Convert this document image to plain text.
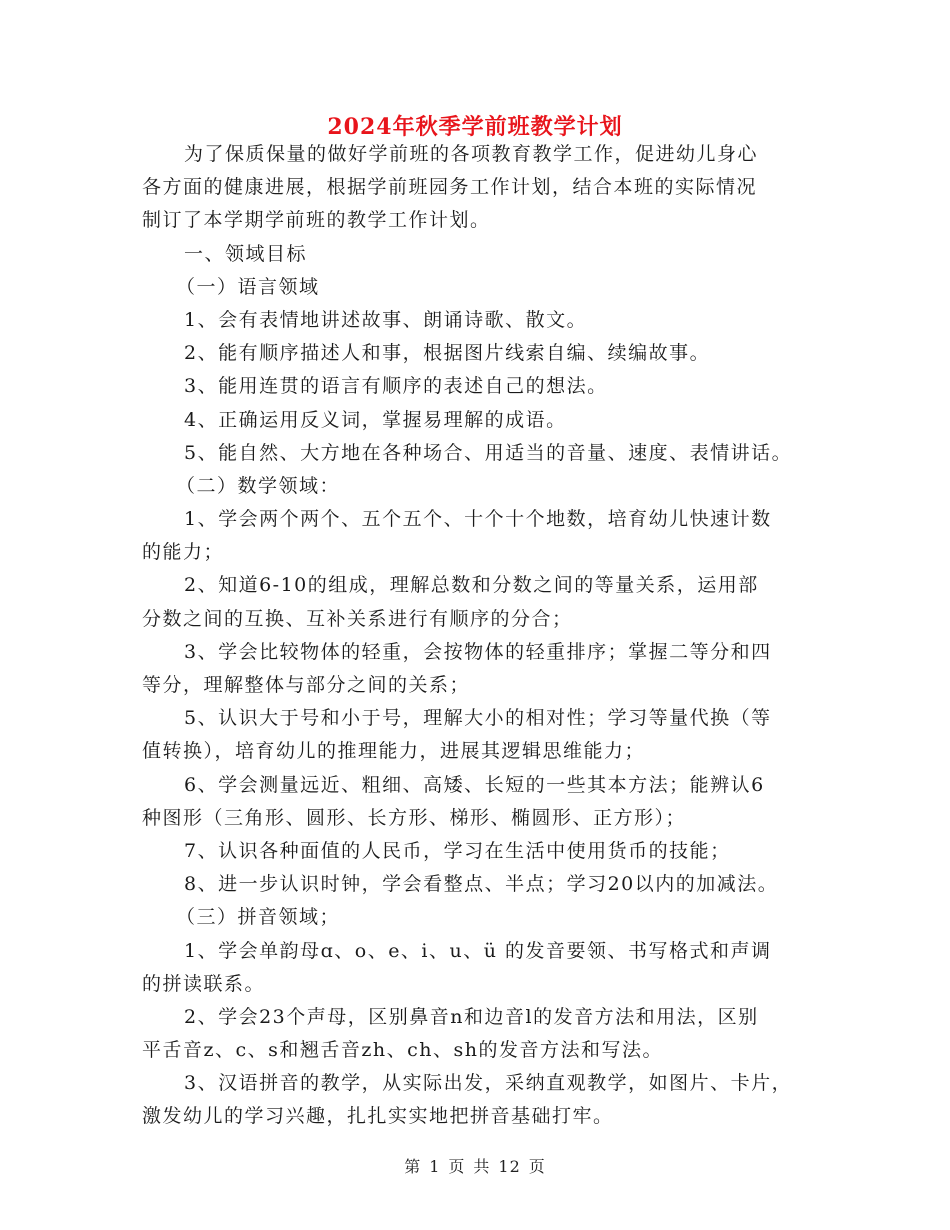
2024年秋季学前班教学计划
为了保质保量的做好学前班的各项教育教学工作，促进幼儿身心
各方面的健康进展，根据学前班园务工作计划，结合本班的实际情况
制订了本学期学前班的教学工作计划。
一、领域目标
（一）语言领域
1、会有表情地讲述故事、朗诵诗歌、散文。
2、能有顺序描述人和事，根据图片线索自编、续编故事。
3、能用连贯的语言有顺序的表述自己的想法。
4、正确运用反义词，掌握易理解的成语。
5、能自然、大方地在各种场合、用适当的音量、速度、表情讲话。
（二）数学领域：
1、学会两个两个、五个五个、十个十个地数，培育幼儿快速计数
的能力；
2、知道6-10的组成，理解总数和分数之间的等量关系，运用部
分数之间的互换、互补关系进行有顺序的分合；
3、学会比较物体的轻重，会按物体的轻重排序；掌握二等分和四
等分，理解整体与部分之间的关系；
5、认识大于号和小于号，理解大小的相对性；学习等量代换（等
值转换），培育幼儿的推理能力，进展其逻辑思维能力；
6、学会测量远近、粗细、高矮、长短的一些其本方法；能辨认6
种图形（三角形、圆形、长方形、梯形、椭圆形、正方形）；
7、认识各种面值的人民币，学习在生活中使用货币的技能；
8、进一步认识时钟，学会看整点、半点；学习20以内的加减法。
（三）拼音领域；
1、学会单韵母ɑ、o、e、i、u、ü 的发音要领、书写格式和声调
的拼读联系。
2、学会23个声母，区别鼻音n和边音l的发音方法和用法，区别
平舌音z、c、s和翘舌音zh、ch、sh的发音方法和写法。
3、汉语拼音的教学，从实际出发，采纳直观教学，如图片、卡片，
激发幼儿的学习兴趣，扎扎实实地把拼音基础打牢。
第 1 页 共 12 页
